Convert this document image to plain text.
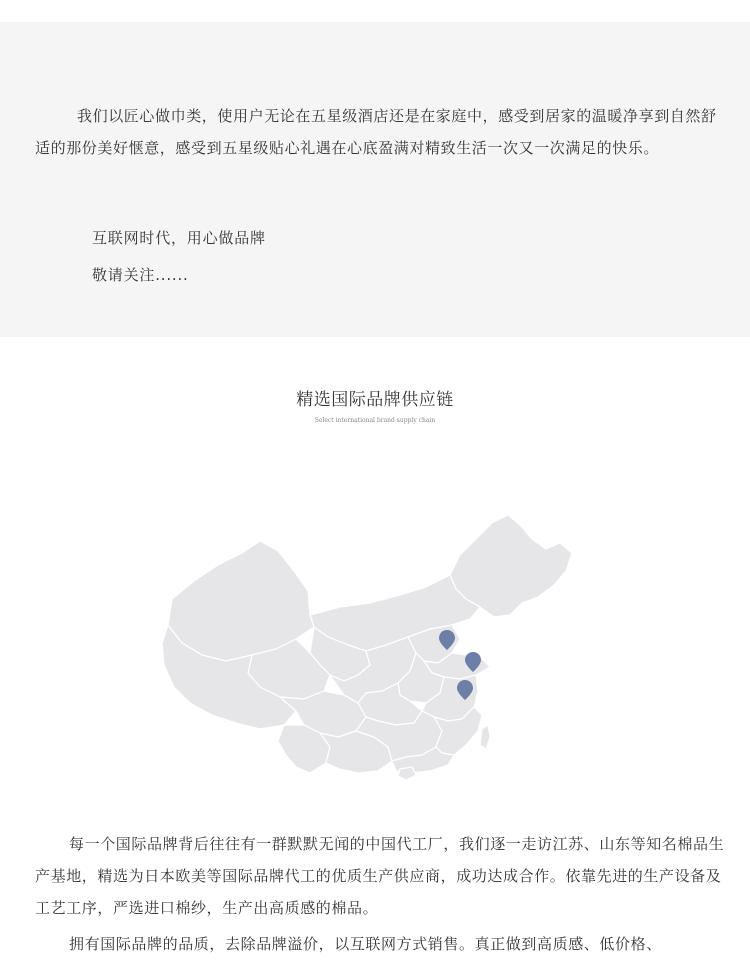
我们以匠心做巾类，使用户无论在五星级酒店还是在家庭中，感受到居家的温暖净享到自然舒适的那份美好惬意，感受到五星级贴心礼遇在心底盈满对精致生活一次又一次满足的快乐。

互联网时代，用心做品牌

敬请关注......

精选国际品牌供应链
Select international brand supply chain

每一个国际品牌背后往往有一群默默无闻的中国代工厂，我们逐一走访江苏、山东等知名棉品生产基地，精选为日本欧美等国际品牌代工的优质生产供应商，成功达成合作。依靠先进的生产设备及工艺工序，严选进口棉纱，生产出高质感的棉品。

拥有国际品牌的品质，去除品牌溢价，以互联网方式销售。真正做到高质感、低价格、
